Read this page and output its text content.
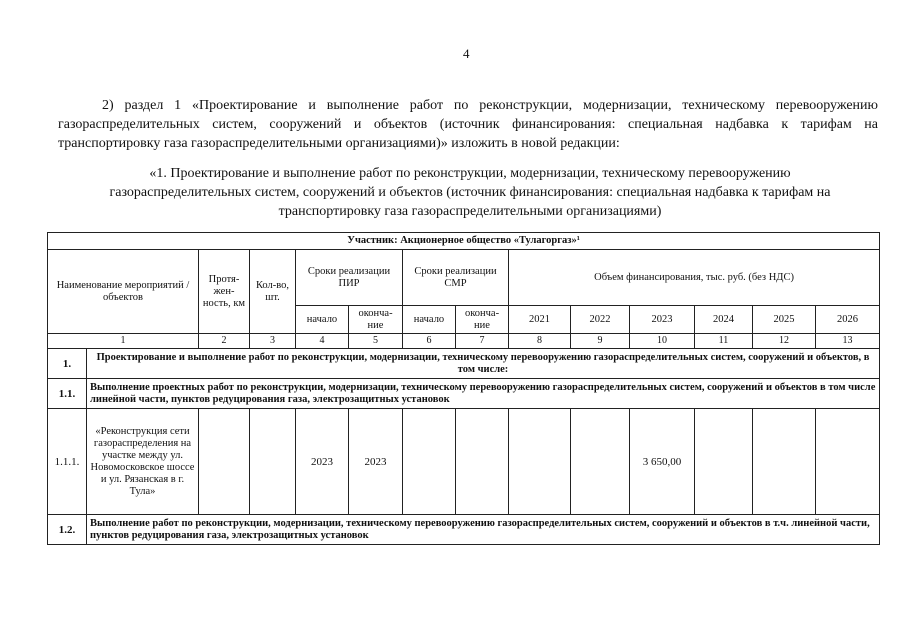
4

2) раздел 1 «Проектирование и выполнение работ по реконструкции, модернизации, техническому перевооружению газораспределительных систем, сооружений и объектов (источник финансирования: специальная надбавка к тарифам на транспортировку газа газораспределительными организациями)» изложить в новой редакции:

«1. Проектирование и выполнение работ по реконструкции, модернизации, техническому перевооружению газораспределительных систем, сооружений и объектов (источник финансирования: специальная надбавка к тарифам на транспортировку газа газораспределительными организациями)

Участник: Акционерное общество «Тулагоргаз»¹													
Наименование мероприятий / объектов		Протя-жен-ность, км	Кол-во, шт.	Сроки реализации ПИР		Сроки реализации СМР		Объем финансирования, тыс. руб. (без НДС)					
				начало	оконча-ние	начало	оконча-ние	2021	2022	2023	2024	2025	2026
1		2	3	4	5	6	7	8	9	10	11	12	13
1.	Проектирование и выполнение работ по реконструкции, модернизации, техническому перевооружению газораспределительных систем, сооружений и объектов, в том числе:												
1.1.	Выполнение проектных работ по реконструкции, модернизации, техническому перевооружению газораспределительных систем, сооружений и объектов в том числе линейной части, пунктов редуцирования газа, электрозащитных установок												
1.1.1.	«Реконструкция сети газораспределения на участке между ул. Новомосковское шоссе и ул. Рязанская в г. Тула»			2023	2023					3 650,00			
1.2.	Выполнение работ по реконструкции, модернизации, техническому перевооружению газораспределительных систем, сооружений и объектов в т.ч. линейной части, пунктов редуцирования газа, электрозащитных установок												
